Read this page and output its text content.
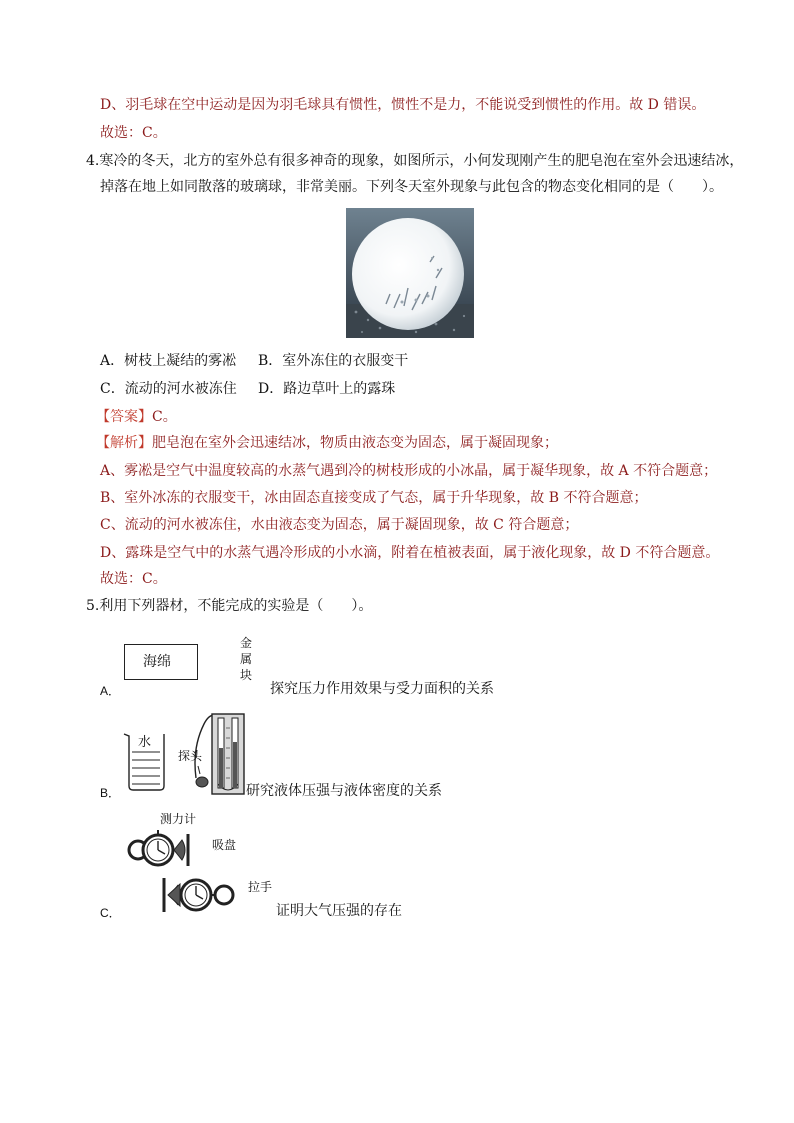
D、羽毛球在空中运动是因为羽毛球具有惯性，惯性不是力，不能说受到惯性的作用。故 D 错误。
故选：C。
4.寒冷的冬天，北方的室外总有很多神奇的现象，如图所示，小何发现刚产生的肥皂泡在室外会迅速结冰，
掉落在地上如同散落的玻璃球，非常美丽。下列冬天室外现象与此包含的物态变化相同的是（　　）。
A．树枝上凝结的雾凇 B．室外冻住的衣服变干
C．流动的河水被冻住 D．路边草叶上的露珠
【答案】C。
【解析】肥皂泡在室外会迅速结冰，物质由液态变为固态，属于凝固现象；
A、雾凇是空气中温度较高的水蒸气遇到冷的树枝形成的小冰晶，属于凝华现象，故 A 不符合题意；
B、室外冰冻的衣服变干，冰由固态直接变成了气态，属于升华现象，故 B 不符合题意；
C、流动的河水被冻住，水由液态变为固态，属于凝固现象，故 C 符合题意；
D、露珠是空气中的水蒸气遇冷形成的小水滴，附着在植被表面，属于液化现象，故 D 不符合题意。
故选：C。
5.利用下列器材，不能完成的实验是（　　）。
海绵
金
属
块
A．	探究压力作用效果与受力面积的关系
水
探头
B．	研究液体压强与液体密度的关系
测力计
吸盘
拉手
C．	证明大气压强的存在
